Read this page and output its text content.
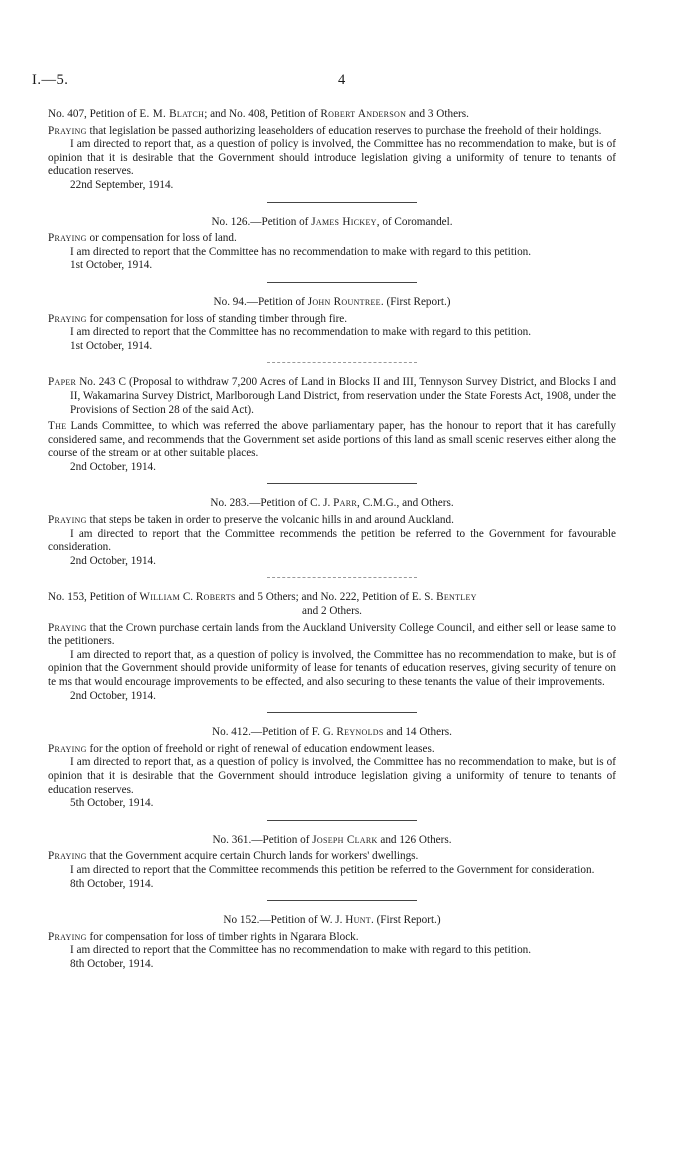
I.—5.	4

No. 407, Petition of E. M. Blatch; and No. 408, Petition of Robert Anderson and 3 Others.

Praying that legislation be passed authorizing leaseholders of education reserves to purchase the freehold of their holdings.

I am directed to report that, as a question of policy is involved, the Committee has no recommendation to make, but is of opinion that it is desirable that the Government should introduce legislation giving a uniformity of tenure to tenants of education reserves.

22nd September, 1914.

No. 126.—Petition of James Hickey, of Coromandel.

Praying or compensation for loss of land.

I am directed to report that the Committee has no recommendation to make with regard to this petition.

1st October, 1914.

No. 94.—Petition of John Rountree. (First Report.)

Praying for compensation for loss of standing timber through fire.

I am directed to report that the Committee has no recommendation to make with regard to this petition.

1st October, 1914.

Paper No. 243 C (Proposal to withdraw 7,200 Acres of Land in Blocks II and III, Tennyson Survey District, and Blocks I and II, Wakamarina Survey District, Marlborough Land District, from reservation under the State Forests Act, 1908, under the Provisions of Section 28 of the said Act).

The Lands Committee, to which was referred the above parliamentary paper, has the honour to report that it has carefully considered same, and recommends that the Government set aside portions of this land as small scenic reserves either along the course of the stream or at other suitable places.

2nd October, 1914.

No. 283.—Petition of C. J. Parr, C.M.G., and Others.

Praying that steps be taken in order to preserve the volcanic hills in and around Auckland.

I am directed to report that the Committee recommends the petition be referred to the Government for favourable consideration.

2nd October, 1914.

No. 153, Petition of William C. Roberts and 5 Others; and No. 222, Petition of E. S. Bentley

and 2 Others.

Praying that the Crown purchase certain lands from the Auckland University College Council, and either sell or lease same to the petitioners.

I am directed to report that, as a question of policy is involved, the Committee has no recommendation to make, but is of opinion that the Government should provide uniformity of lease for tenants of education reserves, giving security of tenure on te ms that would encourage improvements to be effected, and also securing to these tenants the value of their improvements.

2nd October, 1914.

No. 412.—Petition of F. G. Reynolds and 14 Others.

Praying for the option of freehold or right of renewal of education endowment leases.

I am directed to report that, as a question of policy is involved, the Committee has no recommendation to make, but is of opinion that it is desirable that the Government should introduce legislation giving a uniformity of tenure to tenants of education reserves.

5th October, 1914.

No. 361.—Petition of Joseph Clark and 126 Others.

Praying that the Government acquire certain Church lands for workers' dwellings.

I am directed to report that the Committee recommends this petition be referred to the Government for consideration.

8th October, 1914.

No 152.—Petition of W. J. Hunt. (First Report.)

Praying for compensation for loss of timber rights in Ngarara Block.

I am directed to report that the Committee has no recommendation to make with regard to this petition.

8th October, 1914.
